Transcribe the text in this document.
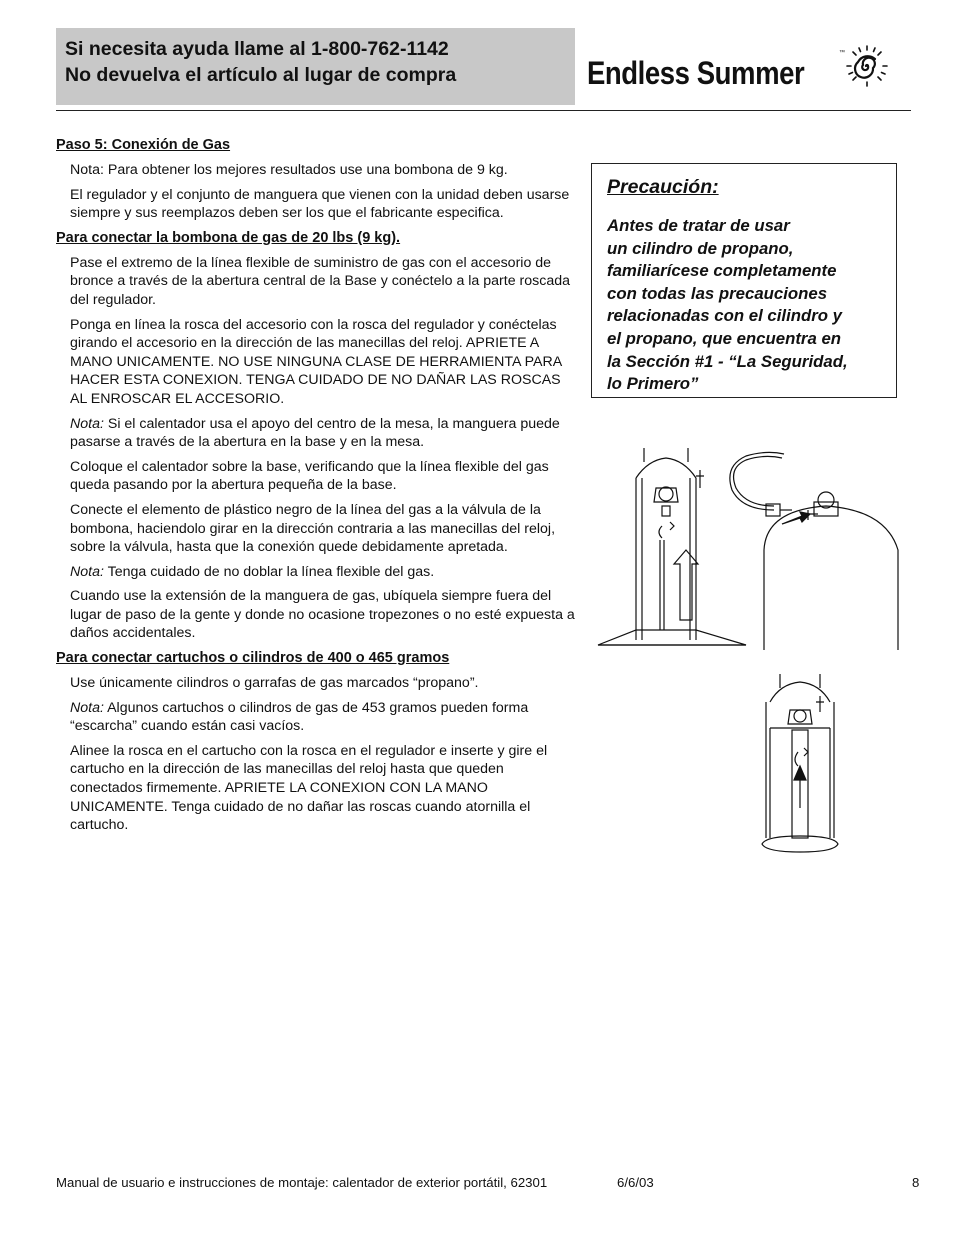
Si necesita ayuda llame al 1-800-762-1142
No devuelva el artículo al lugar de compra	Endless Summer
™
Paso 5: Conexión de Gas

Nota: Para obtener los mejores resultados use una bombona de 9 kg.

El regulador y el conjunto de manguera que vienen con la unidad deben usarse siempre y sus reemplazos deben ser los que el fabricante especifica.

Para conectar la bombona de gas de 20 lbs (9 kg).

Pase el extremo de la línea flexible de suministro de gas con el accesorio de bronce a través de la abertura central de la Base y conéctelo a la parte roscada del regulador.

Ponga en línea la rosca del accesorio con la rosca del regulador y conéctelas girando el accesorio en la dirección de las manecillas del reloj. APRIETE A MANO UNICAMENTE. NO USE NINGUNA CLASE DE HERRAMIENTA PARA HACER ESTA CONEXION. TENGA CUIDADO DE NO DAÑAR LAS ROSCAS AL ENROSCAR EL ACCESORIO.

Nota: Si el calentador usa el apoyo del centro de la mesa, la manguera puede pasarse a través de la abertura en la base y en la mesa.

Coloque el calentador sobre la base, verificando que la línea flexible del gas queda pasando por la abertura pequeña de la base.

Conecte el elemento de plástico negro de la línea del gas a la válvula de la bombona, haciendolo girar en la dirección contraria a las manecillas del reloj, sobre la válvula, hasta que la conexión quede debidamente apretada.

Nota: Tenga cuidado de no doblar la línea flexible del gas.

Cuando use la extensión de la manguera de gas, ubíquela siempre fuera del lugar de paso de la gente y donde no ocasione tropezones o no esté expuesta a daños accidentales.

Para conectar cartuchos o cilindros de 400 o 465 gramos

Use únicamente cilindros o garrafas de gas marcados “propano”.

Nota: Algunos cartuchos o cilindros de gas de 453 gramos pueden forma “escarcha” cuando están casi vacíos.

Alinee la rosca en el cartucho con la rosca en el regulador e inserte y gire el cartucho en la dirección de las manecillas del reloj hasta que queden conectados firmemente. APRIETE LA CONEXION CON LA MANO UNICAMENTE. Tenga cuidado de no dañar las roscas cuando atornilla el cartucho.

Precaución:
Antes de tratar de usar
un cilindro de propano,
familiarícese completamente
con todas las precauciones
relacionadas con el cilindro y
el propano, que encuentra en
la Sección #1 - “La Seguridad,
lo Primero”
Manual de usuario e instrucciones de montaje: calentador de exterior portátil, 62301	6/6/03	8
